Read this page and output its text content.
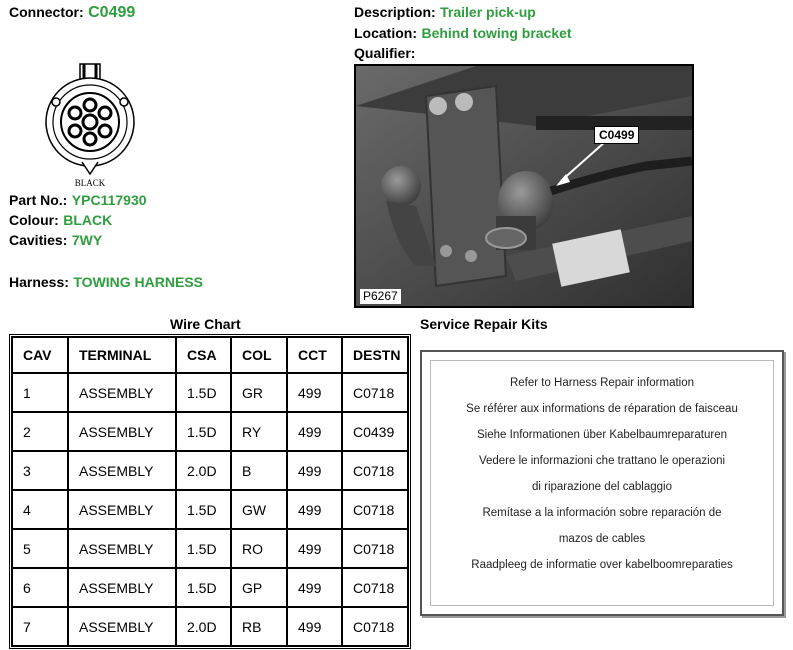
Connector: C0499
BLACK
Part No.: YPC117930
Colour: BLACK
Cavities: 7WY
Harness: TOWING HARNESS
Description: Trailer pick-up
Location: Behind towing bracket
Qualifier:
C0499
P6267
Wire Chart
CAV	TERMINAL	CSA	COL	CCT	DESTN
1	ASSEMBLY	1.5D	GR	499	C0718
2	ASSEMBLY	1.5D	RY	499	C0439
3	ASSEMBLY	2.0D	B	499	C0718
4	ASSEMBLY	1.5D	GW	499	C0718
5	ASSEMBLY	1.5D	RO	499	C0718
6	ASSEMBLY	1.5D	GP	499	C0718
7	ASSEMBLY	2.0D	RB	499	C0718
Service Repair Kits
Refer to Harness Repair information
Se référer aux informations de réparation de faisceau
Siehe Informationen über Kabelbaumreparaturen
Vedere le informazioni che trattano le operazioni
di riparazione del cablaggio
Remítase a la información sobre reparación de
mazos de cables
Raadpleeg de informatie over kabelboomreparaties
